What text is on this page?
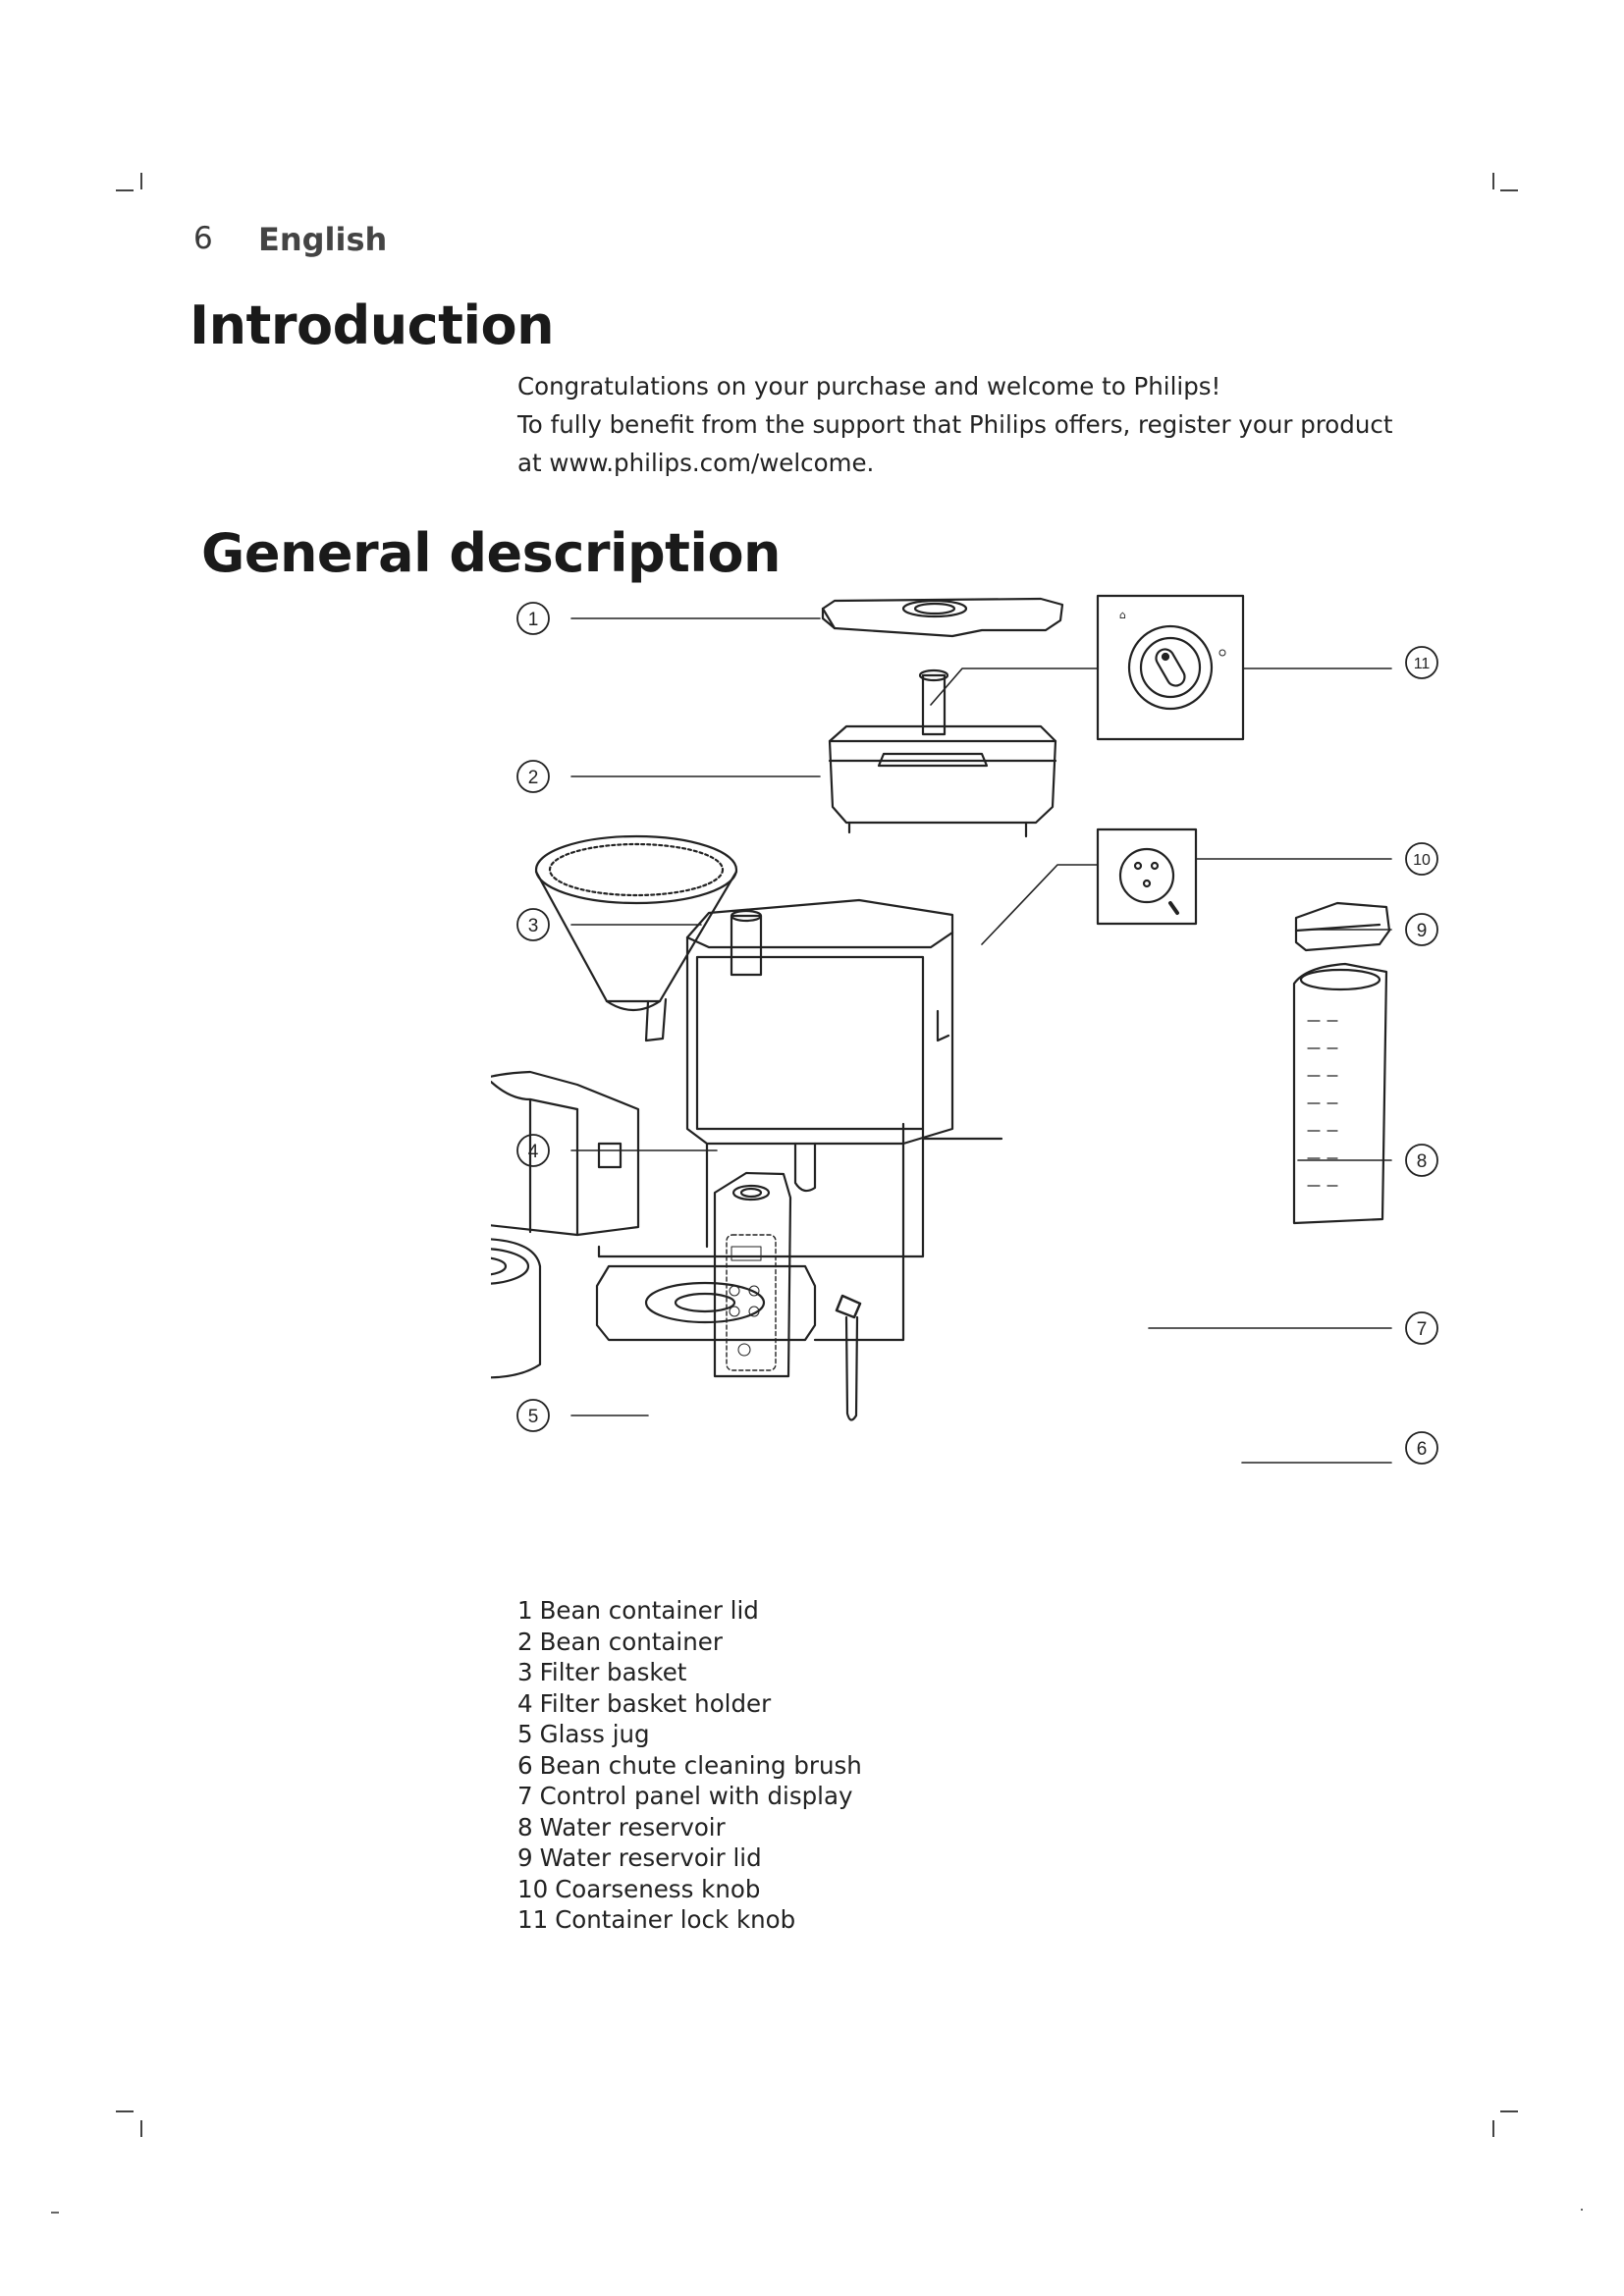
6 English
Introduction

Congratulations on your purchase and welcome to Philips!

To fully benefit from the support that Philips offers, register your product at www.philips.com/welcome.

General description
1
2
3
4
5
6
7
8
9
10
11
⌂
1 Bean container lid
2 Bean container
3 Filter basket
4 Filter basket holder
5 Glass jug
6 Bean chute cleaning brush
7 Control panel with display
8 Water reservoir
9 Water reservoir lid
10 Coarseness knob
11 Container lock knob
